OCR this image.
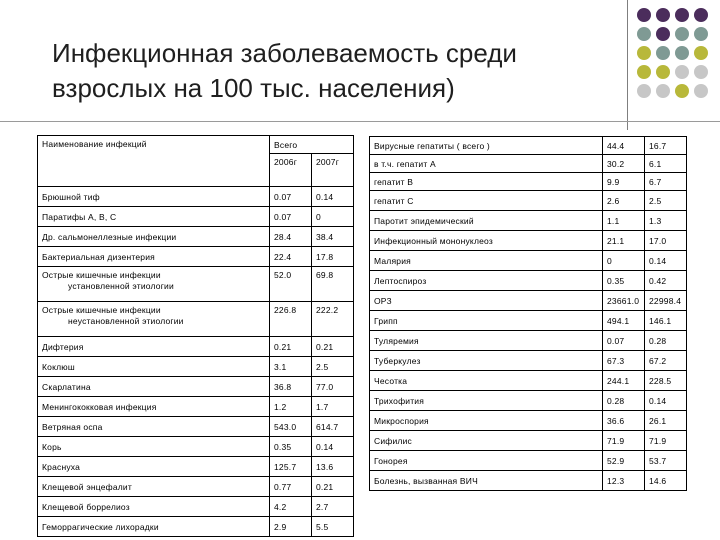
Инфекционная заболеваемость среди
взрослых на 100 тыс. населения)
Наименование инфекций	Всего	
	2006г	2007г
Брюшной тиф	0.07	0.14
Паратифы А, В, С	0.07	0
Др. сальмонеллезные инфекции	28.4	38.4
Бактериальная дизентерия	22.4	17.8

Острые кишечные инфекции
установленной этиологии	52.0	69.8

Острые кишечные инфекции
неустановленной этиологии	226.8	222.2
Дифтерия	0.21	0.21
Коклюш	3.1	2.5
Скарлатина	36.8	77.0
Менингококковая инфекция	1.2	1.7
Ветряная оспа	543.0	614.7
Корь	0.35	0.14
Краснуха	125.7	13.6
Клещевой энцефалит	0.77	0.21
Клещевой боррелиоз	4.2	2.7
Геморрагические лихорадки	2.9	5.5
Вирусные гепатиты ( всего )	44.4	16.7
в т.ч. гепатит А	30.2	6.1
гепатит В	9.9	6.7
гепатит С	2.6	2.5
Паротит эпидемический	1.1	1.3
Инфекционный мононуклеоз	21.1	17.0
Малярия	0	0.14
Лептоспироз	0.35	0.42
ОРЗ	23661.0	22998.4
Грипп	494.1	146.1
Туляремия	0.07	0.28
Туберкулез	67.3	67.2
Чесотка	244.1	228.5
Трихофития	0.28	0.14
Микроспория	36.6	26.1
Сифилис	71.9	71.9
Гонорея	52.9	53.7
Болезнь, вызванная ВИЧ	12.3	14.6
